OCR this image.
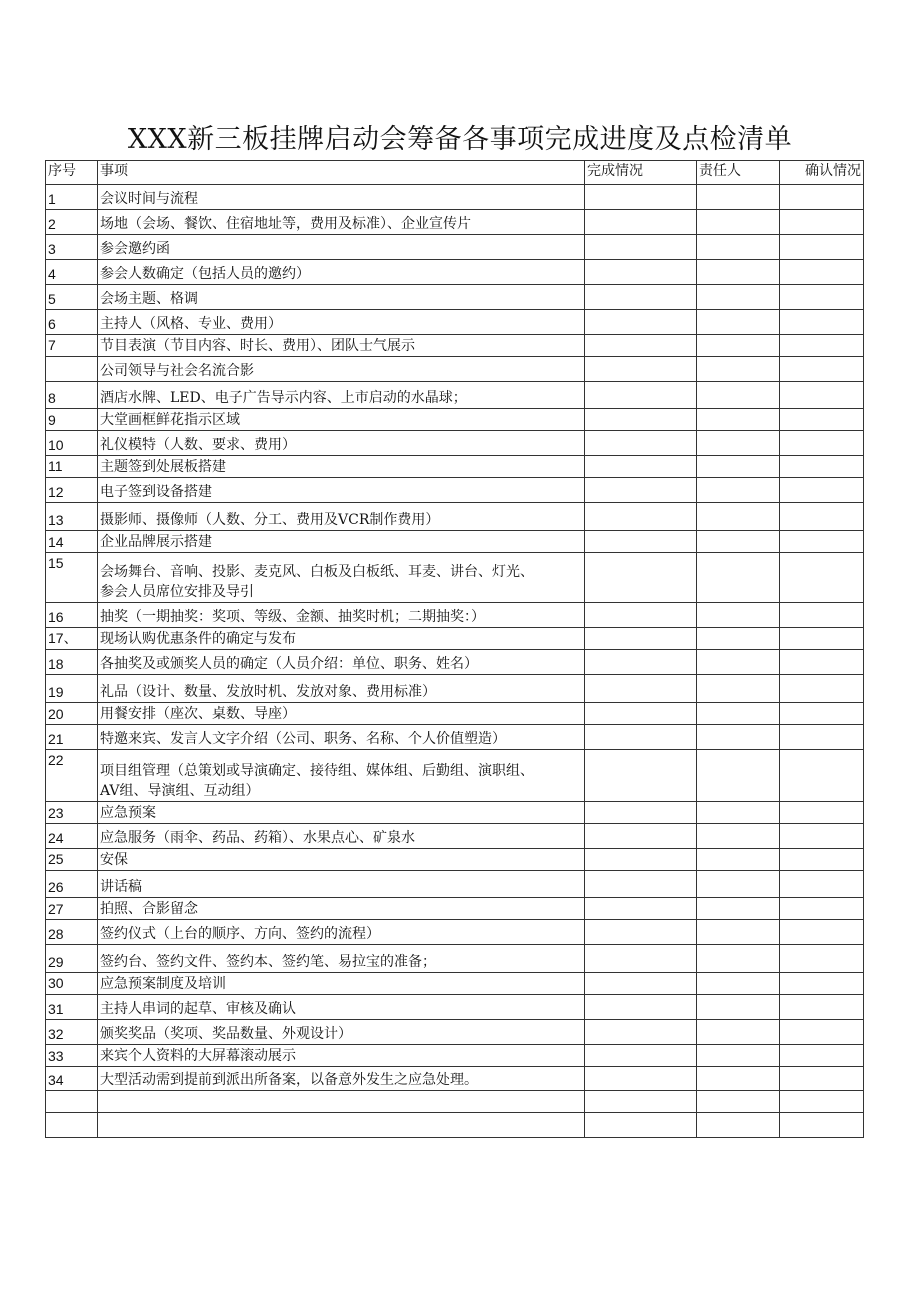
XXX新三板挂牌启动会筹备各事项完成进度及点检清单
序号	事项	完成情况	责任人	确认情况
1	会议时间与流程			
2	场地（会场、餐饮、住宿地址等，费用及标准）、企业宣传片			
3	参会邀约函			
4	参会人数确定（包括人员的邀约）			
5	会场主题、格调			
6	主持人（风格、专业、费用）			
7	节目表演（节目内容、时长、费用）、团队士气展示			
	公司领导与社会名流合影			
8	酒店水牌、LED、电子广告导示内容、上市启动的水晶球；			
9	大堂画框鲜花指示区域			
10	礼仪模特（人数、要求、费用）			
11	主题签到处展板搭建			
12	电子签到设备搭建			
13	摄影师、摄像师（人数、分工、费用及VCR制作费用）			
14	企业品牌展示搭建			
15	会场舞台、音响、投影、麦克风、白板及白板纸、耳麦、讲台、灯光、
参会人员席位安排及导引			

16	抽奖（一期抽奖：奖项、等级、金额、抽奖时机；二期抽奖：）			
17、	现场认购优惠条件的确定与发布			
18	各抽奖及或颁奖人员的确定（人员介绍：单位、职务、姓名）			
19	礼品（设计、数量、发放时机、发放对象、费用标准）			
20	用餐安排（座次、桌数、导座）			
21	特邀来宾、发言人文字介绍（公司、职务、名称、个人价值塑造）			
22	项目组管理（总策划或导演确定、接待组、媒体组、后勤组、演职组、
AV组、导演组、互动组）			

23	应急预案			
24	应急服务（雨伞、药品、药箱）、水果点心、矿泉水			
25	安保			
26	讲话稿			
27	拍照、合影留念			
28	签约仪式（上台的顺序、方向、签约的流程）			
29	签约台、签约文件、签约本、签约笔、易拉宝的准备；			
30	应急预案制度及培训			
31	主持人串词的起草、审核及确认			
32	颁奖奖品（奖项、奖品数量、外观设计）			
33	来宾个人资料的大屏幕滚动展示			
34	大型活动需到提前到派出所备案，以备意外发生之应急处理。			
